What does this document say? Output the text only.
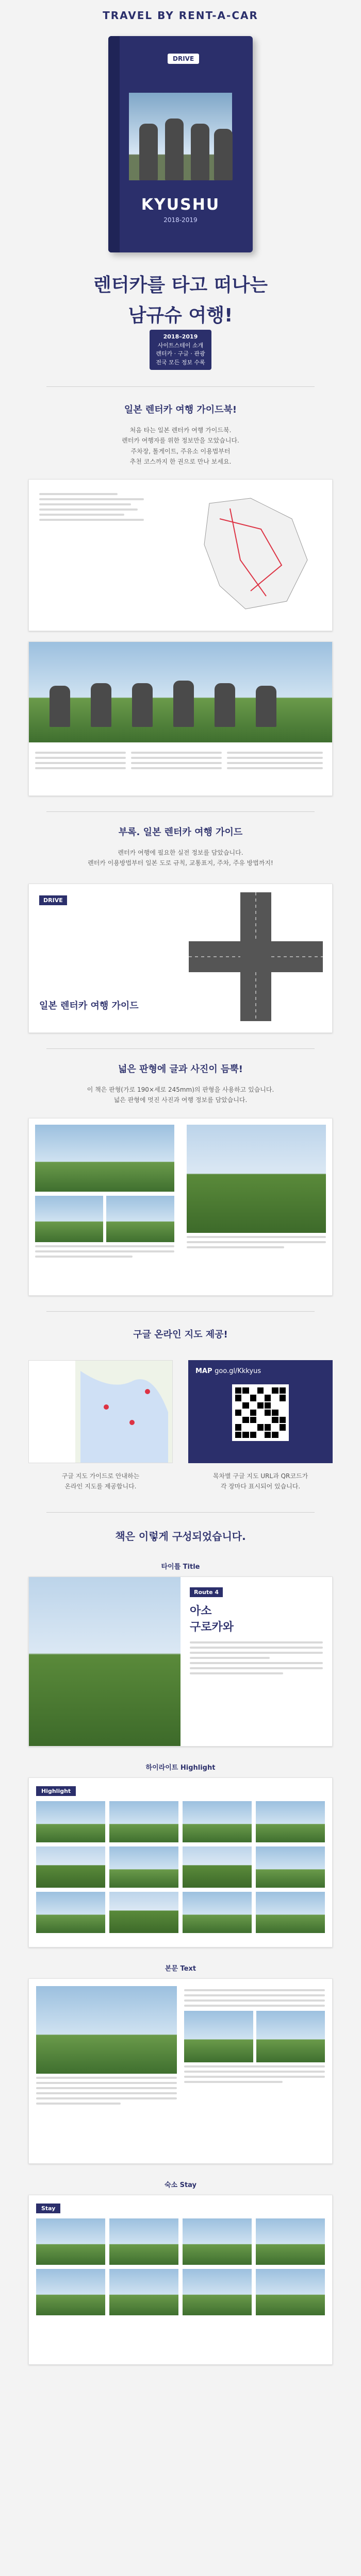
TRAVEL BY RENT-A-CAR
DRIVE
KYUSHU
2018-2019
렌터카를 타고 떠나는
남규슈 여행!
2018–2019
사이트스테이 소개
렌터카 · 구글 · 관광
전국 모든 정보 수록
일본 렌터카 여행 가이드북!
처음 타는 일본 렌터카 여행 가이드북.
렌터카 여행자를 위한 정보만을 모았습니다.
주차장, 톨게이트, 주유소 이용법부터
추천 코스까지 한 권으로 만나 보세요.
부록. 일본 렌터카 여행 가이드
렌터카 여행에 필요한 실전 정보를 담았습니다.
렌터카 이용방법부터 일본 도로 규칙, 교통표지, 주차, 주유 방법까지!
DRIVE
일본 렌터카 여행 가이드
넓은 판형에 글과 사진이 듬뿍!
이 책은 판형(가로 190×세로 245mm)의 판형을 사용하고 있습니다.
넓은 판형에 멋진 사진과 여행 정보를 담았습니다.
구글 온라인 지도 제공!
MAP goo.gl/Kkkyus
구글 지도 가이드로 안내하는
온라인 지도를 제공합니다.
목차별 구글 지도 URL과 QR코드가
각 장마다 표시되어 있습니다.
책은 이렇게 구성되었습니다.
타이틀 Title
Route 4
아소
구로카와
하이라이트 Highlight
Highlight
본문 Text
숙소 Stay
Stay
